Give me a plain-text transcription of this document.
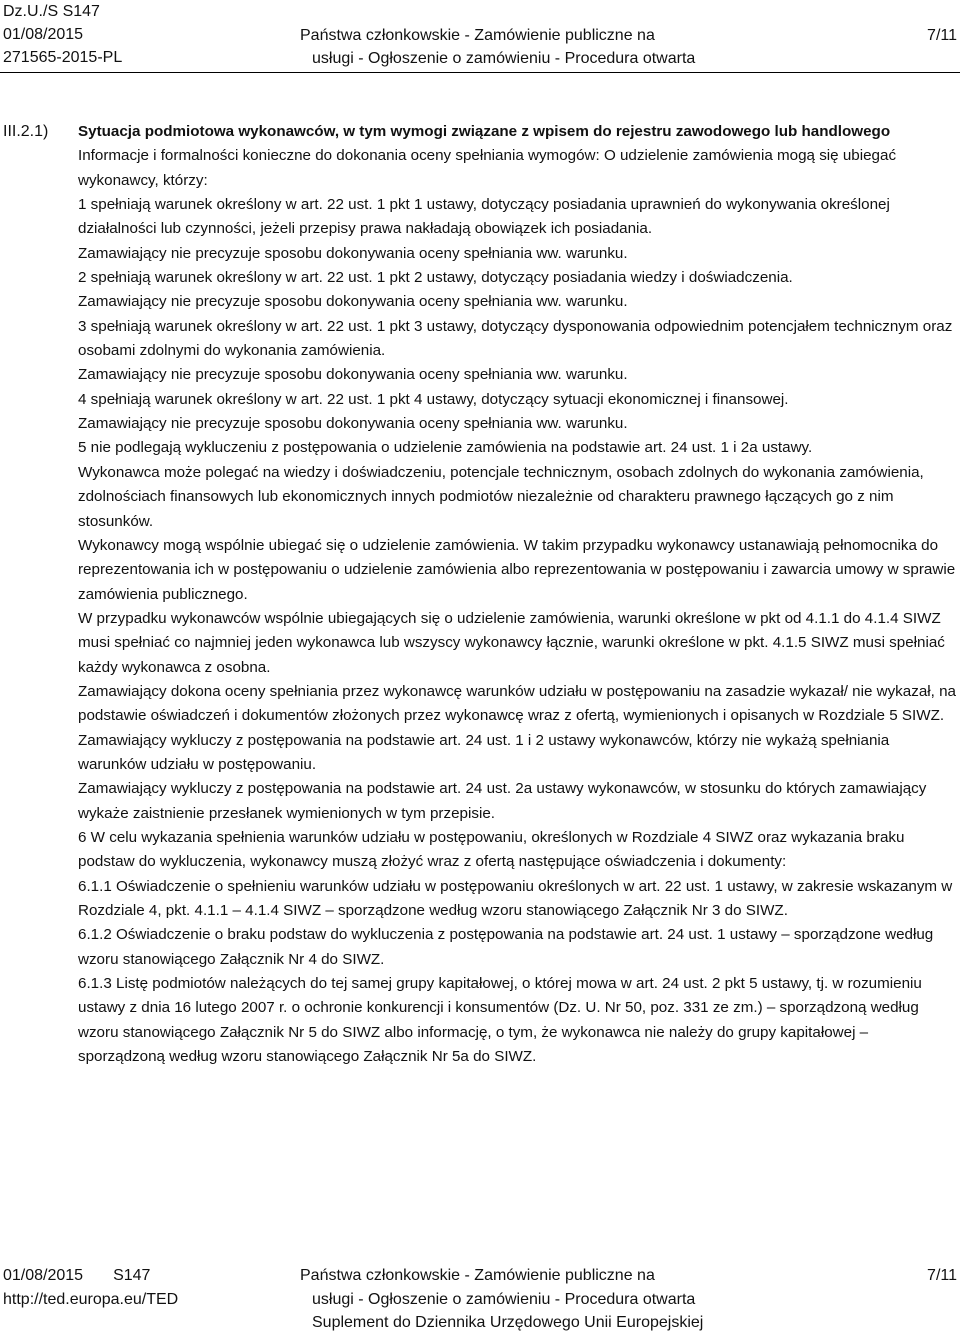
Dz.U./S S147
01/08/2015
271565-2015-PL
Państwa członkowskie - Zamówienie publiczne na
usługi - Ogłoszenie o zamówieniu - Procedura otwarta
7/11
III.2.1) Sytuacja podmiotowa wykonawców, w tym wymogi związane z wpisem do rejestru zawodowego lub handlowego

Informacje i formalności konieczne do dokonania oceny spełniania wymogów: O udzielenie zamówienia mogą się ubiegać wykonawcy, którzy:

1 spełniają warunek określony w art. 22 ust. 1 pkt 1 ustawy, dotyczący posiadania uprawnień do wykonywania określonej działalności lub czynności, jeżeli przepisy prawa nakładają obowiązek ich posiadania.

Zamawiający nie precyzuje sposobu dokonywania oceny spełniania ww. warunku.

2 spełniają warunek określony w art. 22 ust. 1 pkt 2 ustawy, dotyczący posiadania wiedzy i doświadczenia.

Zamawiający nie precyzuje sposobu dokonywania oceny spełniania ww. warunku.

3 spełniają warunek określony w art. 22 ust. 1 pkt 3 ustawy, dotyczący dysponowania odpowiednim potencjałem technicznym oraz osobami zdolnymi do wykonania zamówienia.

Zamawiający nie precyzuje sposobu dokonywania oceny spełniania ww. warunku.

4 spełniają warunek określony w art. 22 ust. 1 pkt 4 ustawy, dotyczący sytuacji ekonomicznej i finansowej.

Zamawiający nie precyzuje sposobu dokonywania oceny spełniania ww. warunku.

5 nie podlegają wykluczeniu z postępowania o udzielenie zamówienia na podstawie art. 24 ust. 1 i 2a ustawy.

Wykonawca może polegać na wiedzy i doświadczeniu, potencjale technicznym, osobach zdolnych do wykonania zamówienia, zdolnościach finansowych lub ekonomicznych innych podmiotów niezależnie od charakteru prawnego łączących go z nim stosunków.

Wykonawcy mogą wspólnie ubiegać się o udzielenie zamówienia. W takim przypadku wykonawcy ustanawiają pełnomocnika do reprezentowania ich w postępowaniu o udzielenie zamówienia albo reprezentowania w postępowaniu i zawarcia umowy w sprawie zamówienia publicznego.

W przypadku wykonawców wspólnie ubiegających się o udzielenie zamówienia, warunki określone w pkt od 4.1.1 do 4.1.4 SIWZ musi spełniać co najmniej jeden wykonawca lub wszyscy wykonawcy łącznie, warunki określone w pkt. 4.1.5 SIWZ musi spełniać każdy wykonawca z osobna.

Zamawiający dokona oceny spełniania przez wykonawcę warunków udziału w postępowaniu na zasadzie wykazał/ nie wykazał, na podstawie oświadczeń i dokumentów złożonych przez wykonawcę wraz z ofertą, wymienionych i opisanych w Rozdziale 5 SIWZ.

Zamawiający wykluczy z postępowania na podstawie art. 24 ust. 1 i 2 ustawy wykonawców, którzy nie wykażą spełniania warunków udziału w postępowaniu.

Zamawiający wykluczy z postępowania na podstawie art. 24 ust. 2a ustawy wykonawców, w stosunku do których zamawiający wykaże zaistnienie przesłanek wymienionych w tym przepisie.

6 W celu wykazania spełnienia warunków udziału w postępowaniu, określonych w Rozdziale 4 SIWZ oraz wykazania braku podstaw do wykluczenia, wykonawcy muszą złożyć wraz z ofertą następujące oświadczenia i dokumenty:

6.1.1 Oświadczenie o spełnieniu warunków udziału w postępowaniu określonych w art. 22 ust. 1 ustawy, w zakresie wskazanym w Rozdziale 4, pkt. 4.1.1 – 4.1.4 SIWZ – sporządzone według wzoru stanowiącego Załącznik Nr 3 do SIWZ.

6.1.2 Oświadczenie o braku podstaw do wykluczenia z postępowania na podstawie art. 24 ust. 1 ustawy – sporządzone według wzoru stanowiącego Załącznik Nr 4 do SIWZ.

6.1.3 Listę podmiotów należących do tej samej grupy kapitałowej, o której mowa w art. 24 ust. 2 pkt 5 ustawy, tj. w rozumieniu ustawy z dnia 16 lutego 2007 r. o ochronie konkurencji i konsumentów (Dz. U. Nr 50, poz. 331 ze zm.) – sporządzoną według wzoru stanowiącego Załącznik Nr 5 do SIWZ albo informację, o tym, że wykonawca nie należy do grupy kapitałowej – sporządzoną według wzoru stanowiącego Załącznik Nr 5a do SIWZ.

01/08/2015 S147
http://ted.europa.eu/TED
Państwa członkowskie - Zamówienie publiczne na
usługi - Ogłoszenie o zamówieniu - Procedura otwarta
Suplement do Dziennika Urzędowego Unii Europejskiej
7/11
